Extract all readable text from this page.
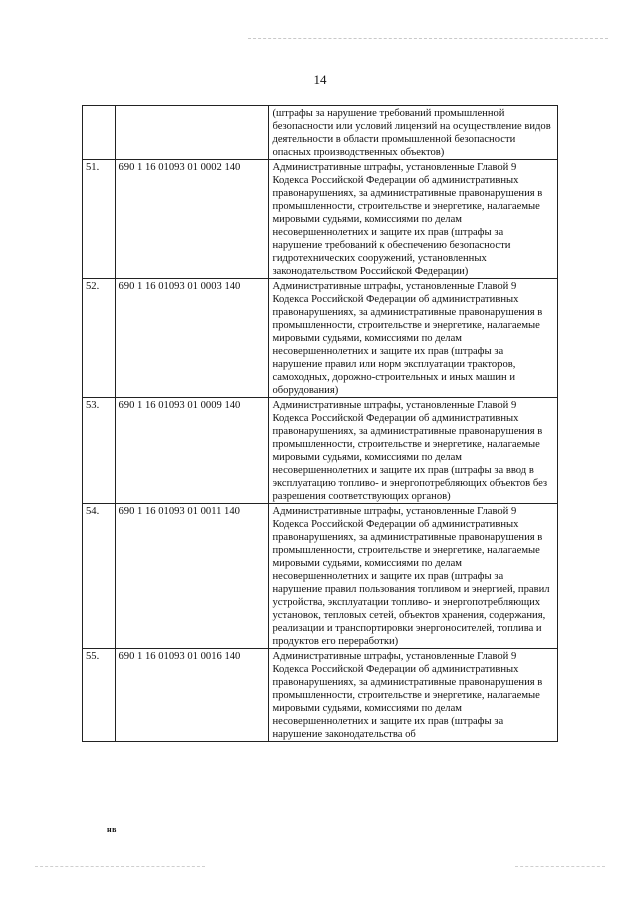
14
		(штрафы за нарушение требований промышленной безопасности или условий лицензий на осуществление видов деятельности в области промышленной безопасности опасных производственных объектов)
51.	690 1 16 01093 01 0002 140	Административные штрафы, установленные Главой 9 Кодекса Российской Федерации об административных правонарушениях, за административные правонарушения в промышленности, строительстве и энергетике, налагаемые мировыми судьями, комиссиями по делам несовершеннолетних и защите их прав (штрафы за нарушение требований к обеспечению безопасности гидротехнических сооружений, установленных законодательством Российской Федерации)
52.	690 1 16 01093 01 0003 140	Административные штрафы, установленные Главой 9 Кодекса Российской Федерации об административных правонарушениях, за административные правонарушения в промышленности, строительстве и энергетике, налагаемые мировыми судьями, комиссиями по делам несовершеннолетних и защите их прав (штрафы за нарушение правил или норм эксплуатации тракторов, самоходных, дорожно-строительных и иных машин и оборудования)
53.	690 1 16 01093 01 0009 140	Административные штрафы, установленные Главой 9 Кодекса Российской Федерации об административных правонарушениях, за административные правонарушения в промышленности, строительстве и энергетике, налагаемые мировыми судьями, комиссиями по делам несовершеннолетних и защите их прав (штрафы за ввод в эксплуатацию топливо- и энергопотребляющих объектов без разрешения соответствующих органов)
54.	690 1 16 01093 01 0011 140	Административные штрафы, установленные Главой 9 Кодекса Российской Федерации об административных правонарушениях, за административные правонарушения в промышленности, строительстве и энергетике, налагаемые мировыми судьями, комиссиями по делам несовершеннолетних и защите их прав (штрафы за нарушение правил пользования топливом и энергией, правил устройства, эксплуатации топливо- и энергопотребляющих установок, тепловых сетей, объектов хранения, содержания, реализации и транспортировки энергоносителей, топлива и продуктов его переработки)
55.	690 1 16 01093 01 0016 140	Административные штрафы, установленные Главой 9 Кодекса Российской Федерации об административных правонарушениях, за административные правонарушения в промышленности, строительстве и энергетике, налагаемые мировыми судьями, комиссиями по делам несовершеннолетних и защите их прав (штрафы за нарушение законодательства об
нв
